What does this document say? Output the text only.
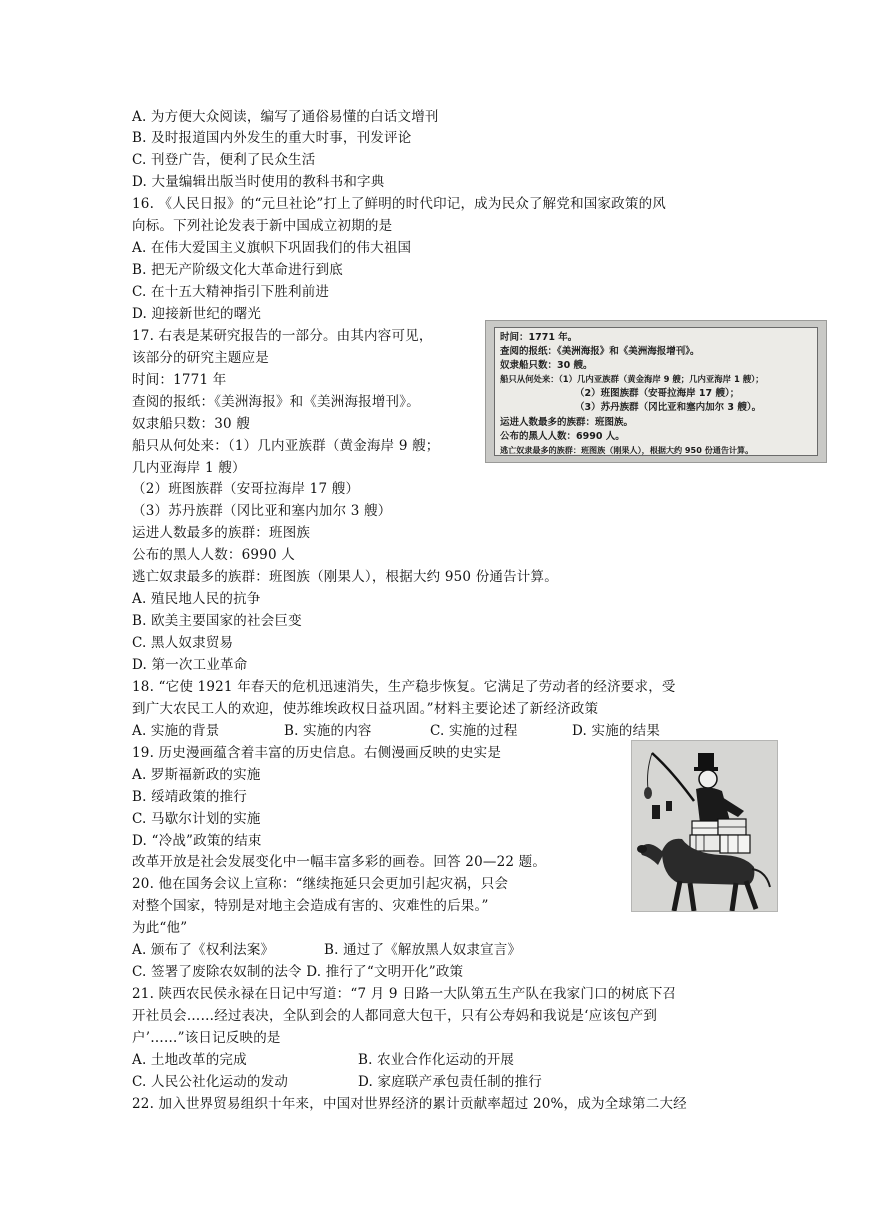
A. 为方便大众阅读，编写了通俗易懂的白话文增刊
B. 及时报道国内外发生的重大时事，刊发评论
C. 刊登广告，便利了民众生活
D. 大量编辑出版当时使用的教科书和字典
16. 《人民日报》的“元旦社论”打上了鲜明的时代印记，成为民众了解党和国家政策的风
向标。下列社论发表于新中国成立初期的是
A. 在伟大爱国主义旗帜下巩固我们的伟大祖国
B. 把无产阶级文化大革命进行到底
C. 在十五大精神指引下胜利前进
D. 迎接新世纪的曙光
17. 右表是某研究报告的一部分。由其内容可见，
该部分的研究主题应是
时间：1771 年
查阅的报纸：《美洲海报》和《美洲海报增刊》。
奴隶船只数：30 艘
船只从何处来：（1）几内亚族群（黄金海岸 9 艘；
几内亚海岸 1 艘）
（2）班图族群（安哥拉海岸 17 艘）
（3）苏丹族群（冈比亚和塞内加尔 3 艘）
运进人数最多的族群：班图族
公布的黑人人数：6990 人
逃亡奴隶最多的族群：班图族（刚果人），根据大约 950 份通告计算。
A. 殖民地人民的抗争
B. 欧美主要国家的社会巨变
C. 黑人奴隶贸易
D. 第一次工业革命
18. “它使 1921 年春天的危机迅速消失，生产稳步恢复。它满足了劳动者的经济要求，受
到广大农民工人的欢迎，使苏维埃政权日益巩固。”材料主要论述了新经济政策
A. 实施的背景	B. 实施的内容	C. 实施的过程	D. 实施的结果
19. 历史漫画蕴含着丰富的历史信息。右侧漫画反映的史实是
A. 罗斯福新政的实施
B. 绥靖政策的推行
C. 马歇尔计划的实施
D. “冷战”政策的结束
改革开放是社会发展变化中一幅丰富多彩的画卷。回答 20—22 题。
20. 他在国务会议上宣称：“继续拖延只会更加引起灾祸，只会
对整个国家，特别是对地主会造成有害的、灾难性的后果。”
为此“他”
A. 颁布了《权利法案》	B. 通过了《解放黑人奴隶宣言》
C. 签署了废除农奴制的法令 D. 推行了“文明开化”政策
21. 陕西农民侯永禄在日记中写道：“7 月 9 日路一大队第五生产队在我家门口的树底下召
开社员会……经过表决，全队到会的人都同意大包干，只有公寿妈和我说是‘应该包产到
户’……”该日记反映的是
A. 土地改革的完成	B. 农业合作化运动的开展
C. 人民公社化运动的发动	D. 家庭联产承包责任制的推行
22. 加入世界贸易组织十年来，中国对世界经济的累计贡献率超过 20%，成为全球第二大经
时间：1771 年。
查阅的报纸：《美洲海报》和《美洲海报增刊》。
奴隶船只数：30 艘。
船只从何处来：（1）几内亚族群（黄金海岸 9 艘；几内亚海岸 1 艘）；
（2）班图族群（安哥拉海岸 17 艘）；
（3）苏丹族群（冈比亚和塞内加尔 3 艘）。
运进人数最多的族群：班图族。
公布的黑人人数：6990 人。
逃亡奴隶最多的族群：班图族（刚果人），根据大约 950 份通告计算。
